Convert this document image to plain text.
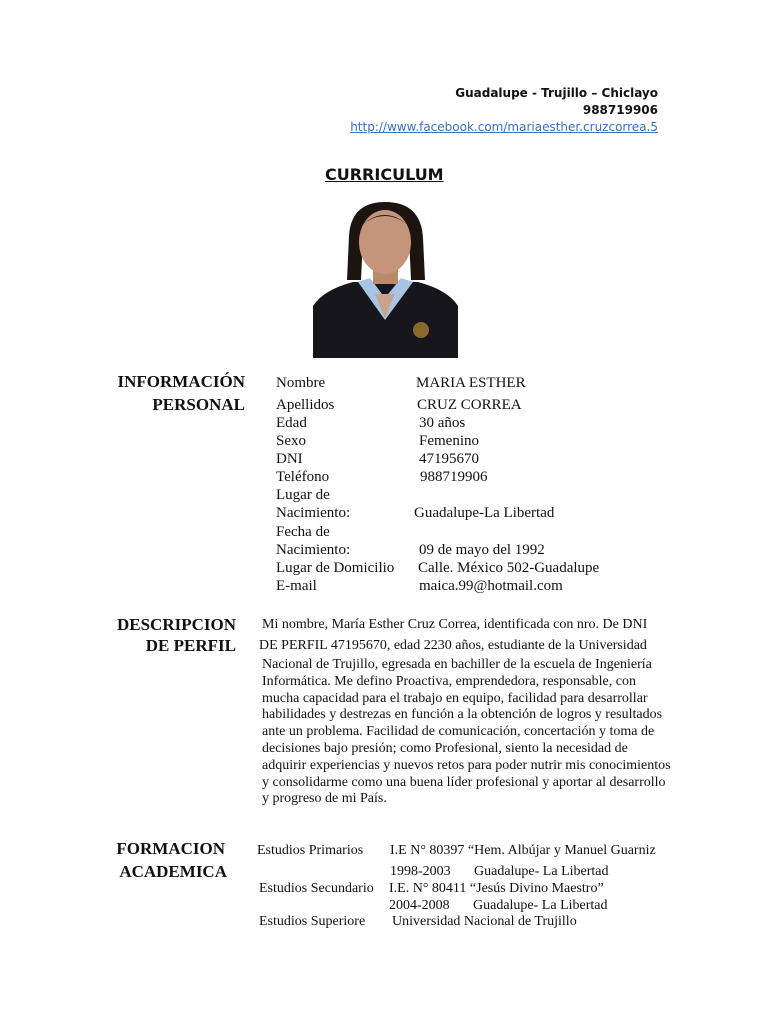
Guadalupe - Trujillo – Chiclayo
988719906
http://www.facebook.com/mariaesther.cruzcorrea.5
CURRICULUM
INFORMACIÓN
PERSONAL
Nombre	MARIA ESTHER
Apellidos	CRUZ CORREA
Edad	30 años
Sexo	Femenino
DNI	47195670
Teléfono	988719906
Lugar de
Nacimiento:	Guadalupe-La Libertad
Fecha de
Nacimiento:	09 de mayo del 1992
Lugar de Domicilio Calle. México 502-Guadalupe
E-mail	maica.99@hotmail.com
DESCRIPCION
DE PERFIL
Mi nombre, María Esther Cruz Correa, identificada con nro. De DNI
DE PERFIL 47195670, edad 2230 años, estudiante de la Universidad
Nacional de Trujillo, egresada en bachiller de la escuela de Ingeniería Informática. Me defino Proactiva, emprendedora, responsable, con mucha capacidad para el trabajo en equipo, facilidad para desarrollar habilidades y destrezas en función a la obtención de logros y resultados ante un problema. Facilidad de comunicación, concertación y toma de decisiones bajo presión; como Profesional, siento la necesidad de adquirir experiencias y nuevos retos para poder nutrir mis conocimientos y consolidarme como una buena líder profesional y aportar al desarrollo y progreso de mi País.
FORMACION
ACADEMICA
Estudios Primarios I.E N° 80397 “Hem. Albújar y Manuel Guarniz
1998-2003 Guadalupe- La Libertad
Estudios Secundario I.E. N° 80411 “Jesús Divino Maestro”
2004-2008 Guadalupe- La Libertad
Estudios Superiore Universidad Nacional de Trujillo
